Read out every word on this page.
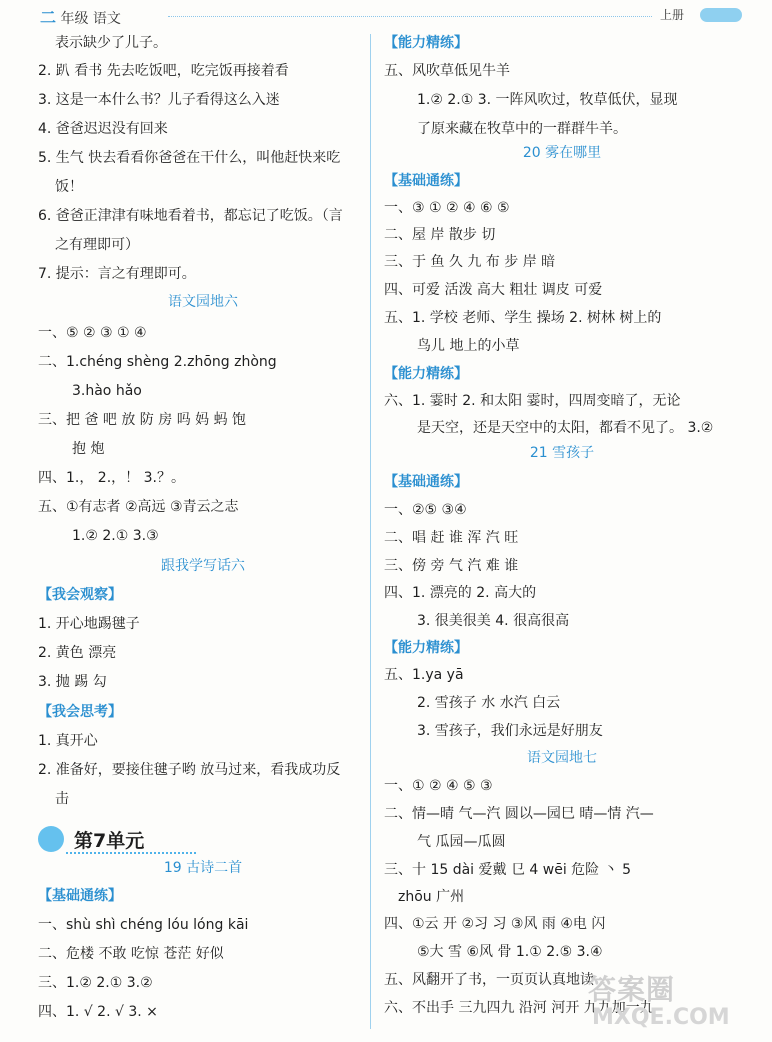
二 年级 语文	上册
表示缺少了儿子。
2. 趴 看书 先去吃饭吧，吃完饭再接着看
3. 这是一本什么书？儿子看得这么入迷
4. 爸爸迟迟没有回来
5. 生气 快去看看你爸爸在干什么，叫他赶快来吃
饭！
6. 爸爸正津津有味地看着书，都忘记了吃饭。（言
之有理即可）
7. 提示：言之有理即可。
语文园地六
一、⑤ ② ③ ① ④
二、1.chéng shèng 2.zhōng zhòng
3.hào hǎo
三、把 爸 吧 放 防 房 吗 妈 蚂 饱
抱 炮
四、1.， 2.，！ 3.？。
五、①有志者 ②高远 ③青云之志
1.② 2.① 3.③
跟我学写话六
【我会观察】
1. 开心地踢毽子
2. 黄色 漂亮
3. 抛 踢 勾
【我会思考】
1. 真开心
2. 准备好，要接住毽子哟 放马过来，看我成功反
击
19 古诗二首
【基础通练】
一、shù shì chéng lóu lóng kāi
二、危楼 不敢 吃惊 苍茫 好似
三、1.② 2.① 3.②
四、1. √ 2. √ 3. ×
【能力精练】
五、风吹草低见牛羊
1.② 2.① 3. 一阵风吹过，牧草低伏，显现
了原来藏在牧草中的一群群牛羊。
20 雾在哪里
【基础通练】
一、③ ① ② ④ ⑥ ⑤
二、屋 岸 散步 切
三、于 鱼 久 九 布 步 岸 暗
四、可爱 活泼 高大 粗壮 调皮 可爱
五、1. 学校 老师、学生 操场 2. 树林 树上的
鸟儿 地上的小草
【能力精练】
六、1. 霎时 2. 和太阳 霎时，四周变暗了，无论
是天空，还是天空中的太阳，都看不见了。 3.②
21 雪孩子
【基础通练】
一、②⑤ ③④
二、唱 赶 谁 浑 汽 旺
三、傍 旁 气 汽 难 谁
四、1. 漂亮的 2. 高大的
3. 很美很美 4. 很高很高
【能力精练】
五、1.ya yā
2. 雪孩子 水 水汽 白云
3. 雪孩子，我们永远是好朋友
语文园地七
一、① ② ④ ⑤ ③
二、情—晴 气—汽 圆以—园巳 晴—情 汽—
气 瓜园—瓜圆
三、十 15 dài 爱戴 㔾 4 wēi 危险 丶 5
zhōu 广州
四、①云 开 ②习 习 ③风 雨 ④电 闪
⑤大 雪 ⑥风 骨 1.① 2.⑤ 3.④
五、风翻开了书，一页页认真地读
六、不出手 三九四九 沿河 河开 九九加一九
第7单元
答案圈
MXQE.COM
